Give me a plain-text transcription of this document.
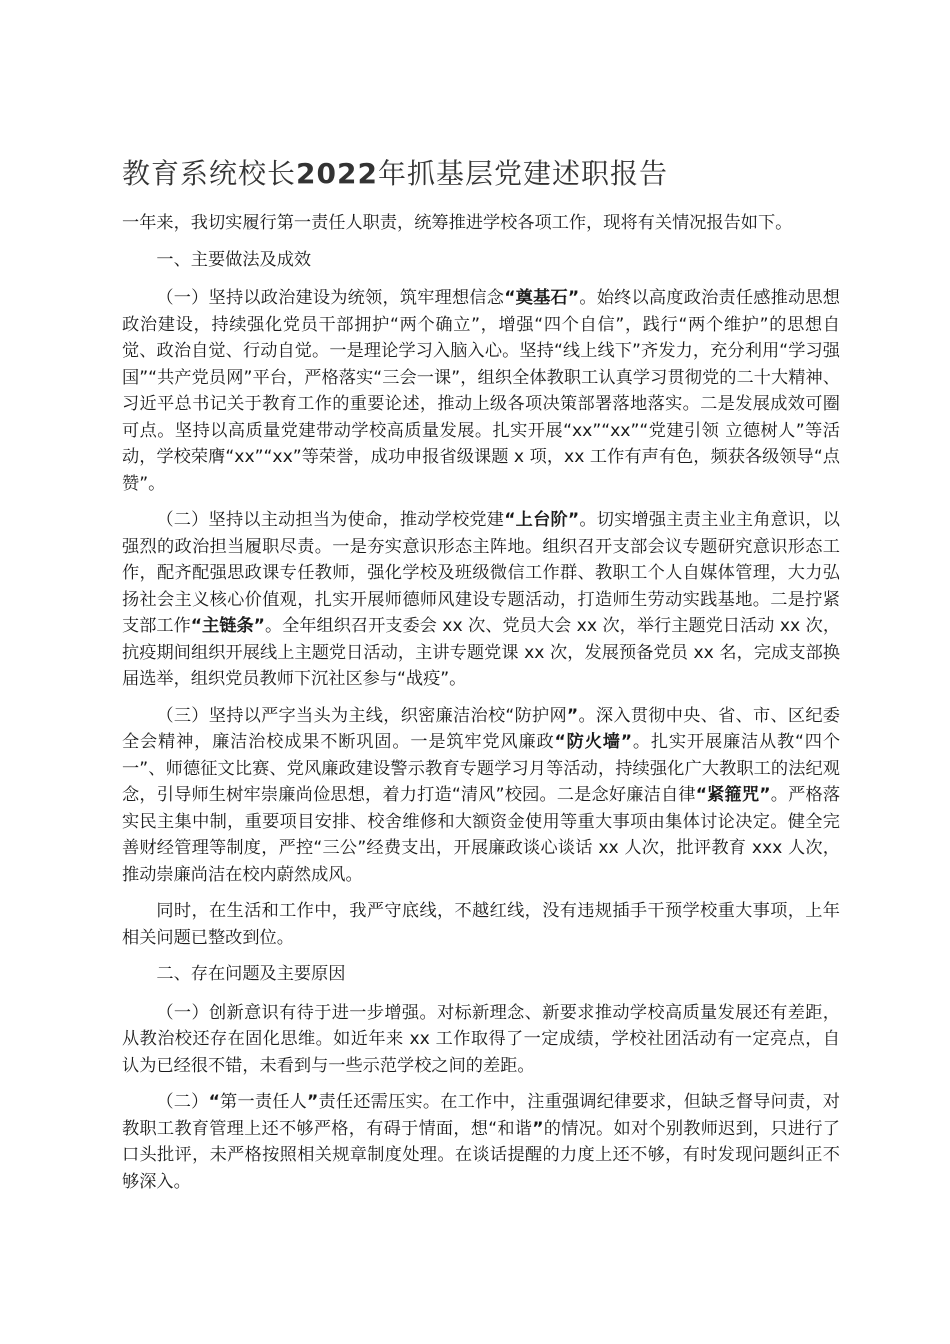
教育系统校长2022年抓基层党建述职报告

一年来，我切实履行第一责任人职责，统筹推进学校各项工作，现将有关情况报告如下。

一、主要做法及成效

（一）坚持以政治建设为统领，筑牢理想信念“奠基石”。始终以高度政治责任感推动思想政治建设，持续强化党员干部拥护“两个确立”，增强“四个自信”，践行“两个维护”的思想自觉、政治自觉、行动自觉。一是理论学习入脑入心。坚持“线上线下”齐发力，充分利用“学习强国”“共产党员网”平台，严格落实“三会一课”，组织全体教职工认真学习贯彻党的二十大精神、习近平总书记关于教育工作的重要论述，推动上级各项决策部署落地落实。二是发展成效可圈可点。坚持以高质量党建带动学校高质量发展。扎实开展“xx”“xx”“党建引领 立德树人”等活动，学校荣膺“xx”“xx”等荣誉，成功申报省级课题 x 项，xx 工作有声有色，频获各级领导“点赞”。

（二）坚持以主动担当为使命，推动学校党建“上台阶”。切实增强主责主业主角意识，以强烈的政治担当履职尽责。一是夯实意识形态主阵地。组织召开支部会议专题研究意识形态工作，配齐配强思政课专任教师，强化学校及班级微信工作群、教职工个人自媒体管理，大力弘扬社会主义核心价值观，扎实开展师德师风建设专题活动，打造师生劳动实践基地。二是拧紧支部工作“主链条”。全年组织召开支委会 xx 次、党员大会 xx 次，举行主题党日活动 xx 次，抗疫期间组织开展线上主题党日活动，主讲专题党课 xx 次，发展预备党员 xx 名，完成支部换届选举，组织党员教师下沉社区参与“战疫”。

（三）坚持以严字当头为主线，织密廉洁治校“防护网”。深入贯彻中央、省、市、区纪委全会精神，廉洁治校成果不断巩固。一是筑牢党风廉政“防火墙”。扎实开展廉洁从教“四个一”、师德征文比赛、党风廉政建设警示教育专题学习月等活动，持续强化广大教职工的法纪观念，引导师生树牢崇廉尚俭思想，着力打造“清风”校园。二是念好廉洁自律“紧箍咒”。严格落实民主集中制，重要项目安排、校舍维修和大额资金使用等重大事项由集体讨论决定。健全完善财经管理等制度，严控“三公”经费支出，开展廉政谈心谈话 xx 人次，批评教育 xxx 人次，推动崇廉尚洁在校内蔚然成风。

同时，在生活和工作中，我严守底线，不越红线，没有违规插手干预学校重大事项，上年相关问题已整改到位。

二、存在问题及主要原因

（一）创新意识有待于进一步增强。对标新理念、新要求推动学校高质量发展还有差距，从教治校还存在固化思维。如近年来 xx 工作取得了一定成绩，学校社团活动有一定亮点，自认为已经很不错，未看到与一些示范学校之间的差距。

（二）“第一责任人”责任还需压实。在工作中，注重强调纪律要求，但缺乏督导问责，对教职工教育管理上还不够严格，有碍于情面，想“和谐”的情况。如对个别教师迟到，只进行了口头批评，未严格按照相关规章制度处理。在谈话提醒的力度上还不够，有时发现问题纠正不够深入。
